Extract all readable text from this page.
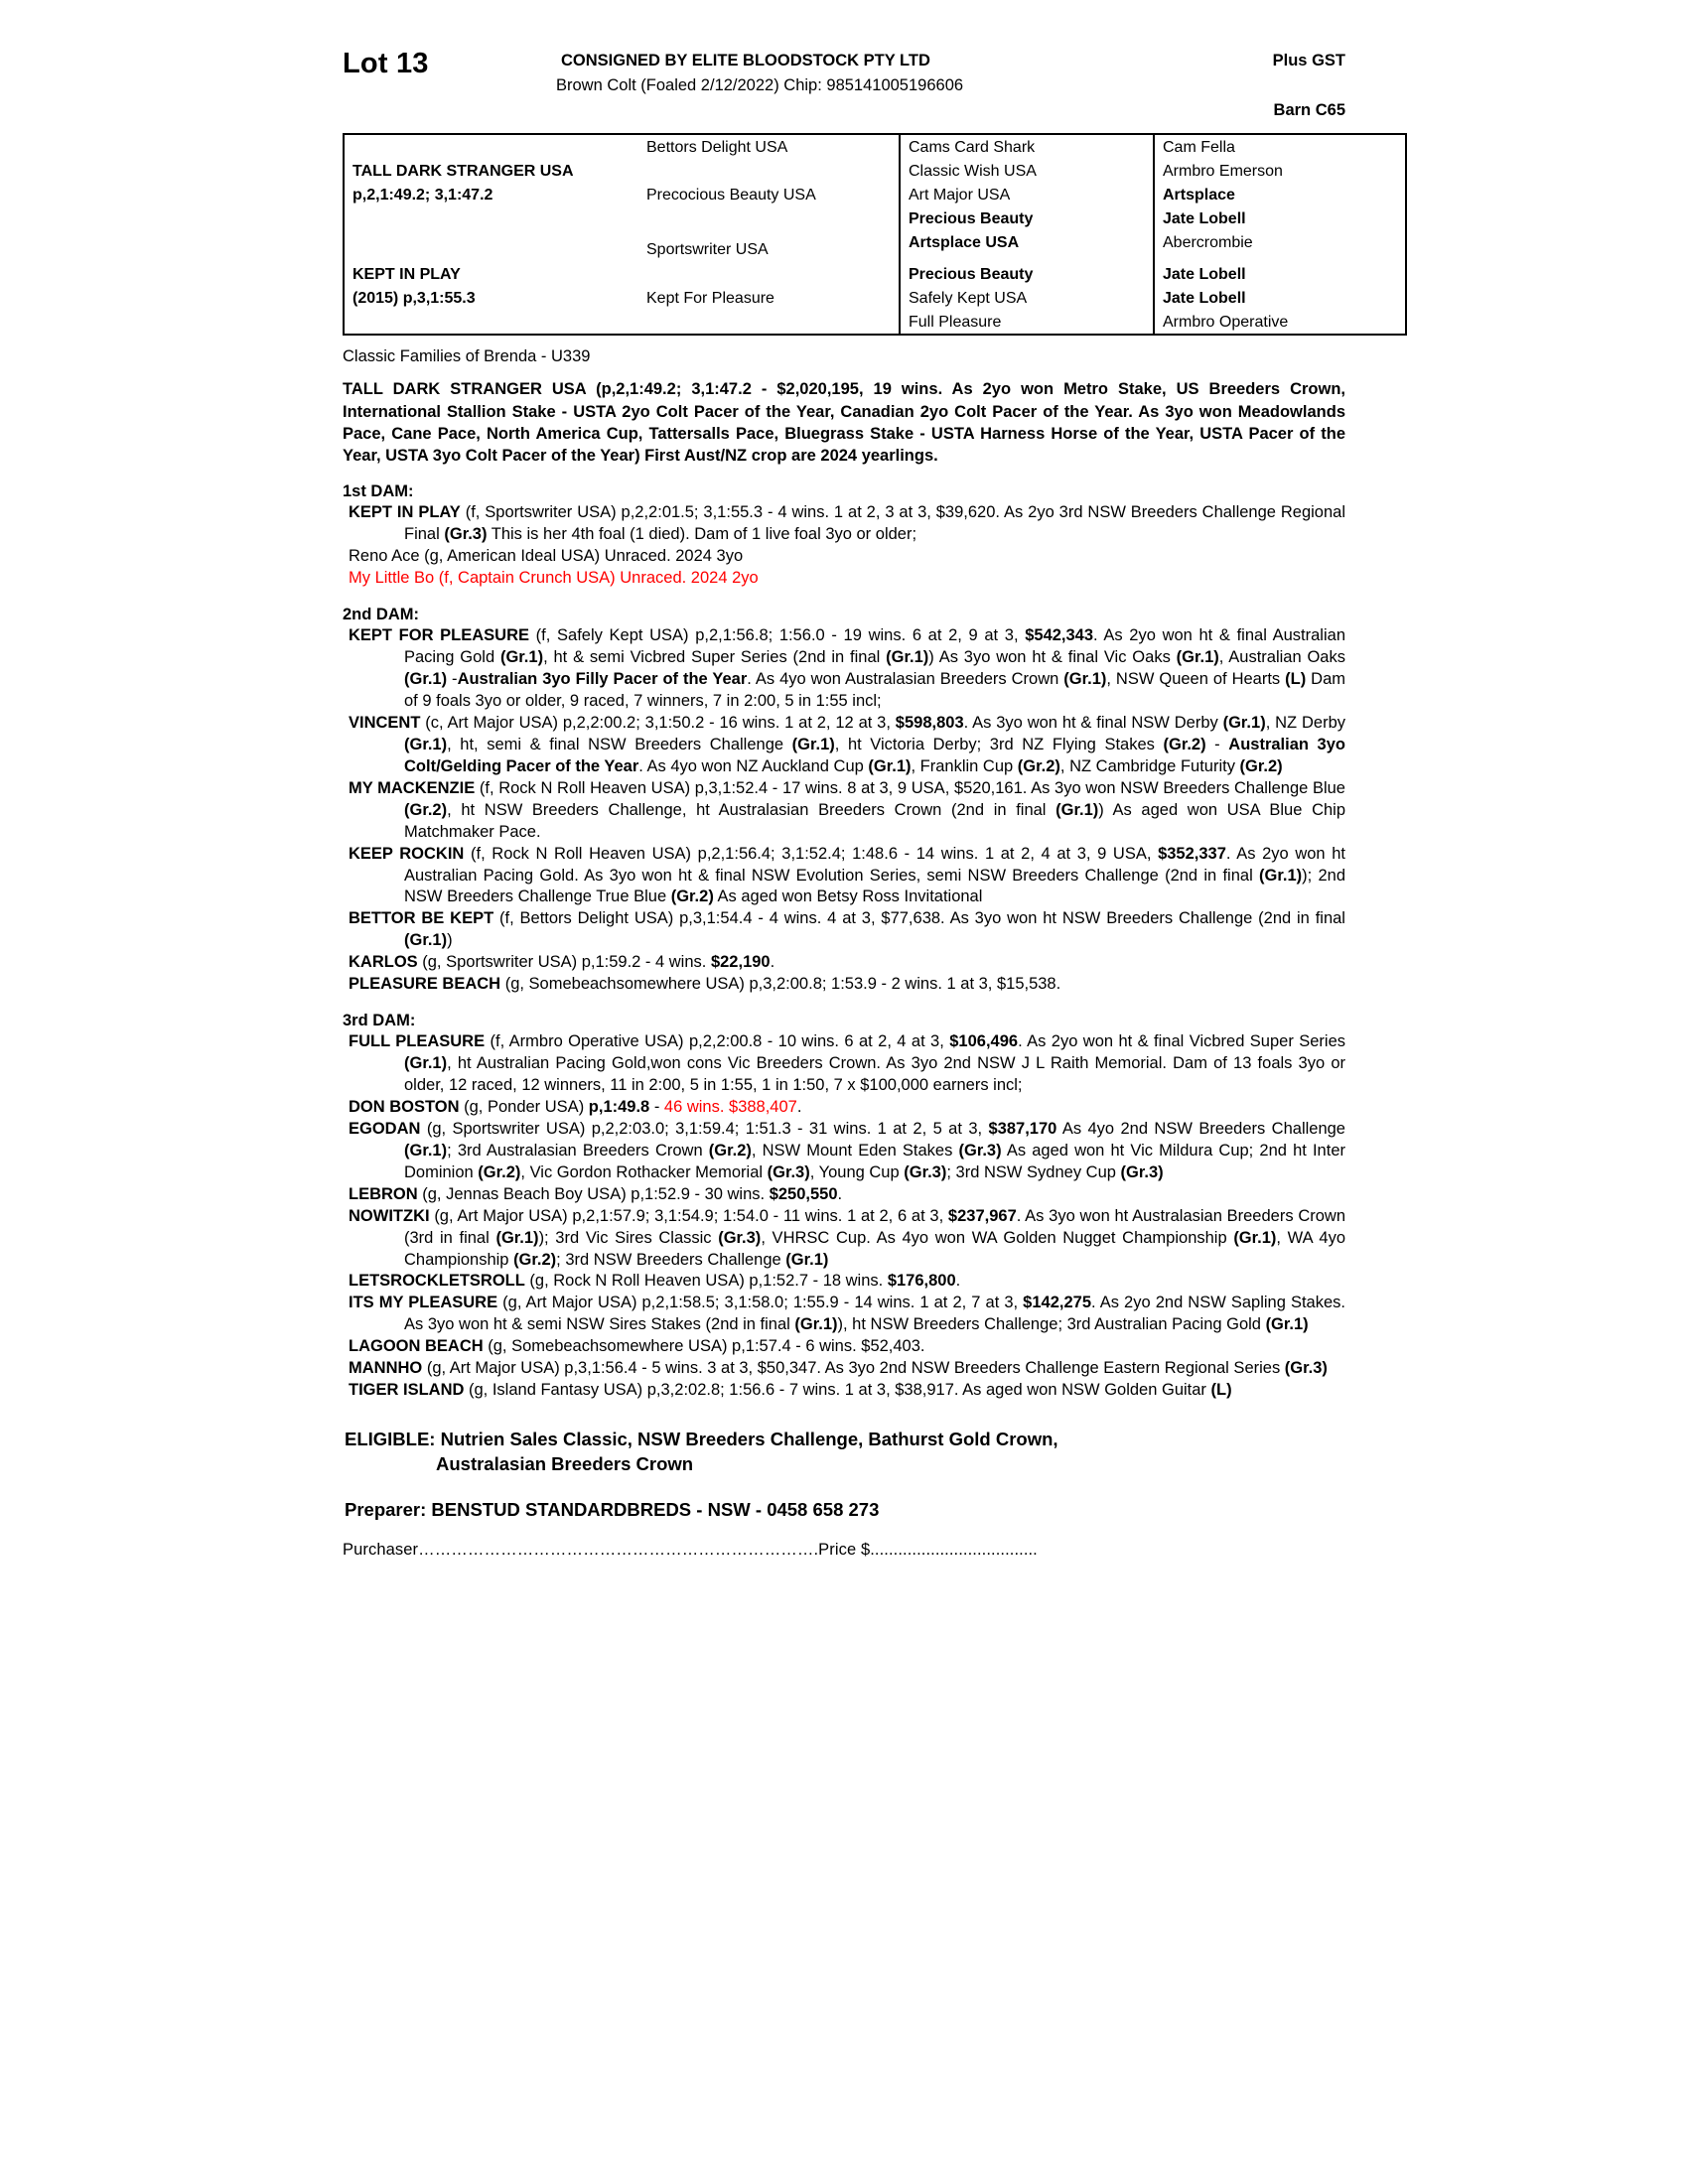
Lot 13	CONSIGNED BY ELITE BLOODSTOCK PTY LTD	Plus GST
Brown Colt (Foaled 2/12/2022) Chip: 985141005196606
Barn C65
	Bettors Delight USA	Cams Card Shark	Cam Fella
TALL DARK STRANGER USA		Classic Wish USA	Armbro Emerson
p,2,1:49.2; 3,1:47.2	Precocious Beauty USA	Art Major USA	Artsplace
		Precious Beauty	Jate Lobell
	Sportswriter USA	Artsplace USA	Abercrombie
KEPT IN PLAY		Precious Beauty	Jate Lobell
(2015) p,3,1:55.3	Kept For Pleasure	Safely Kept USA	Jate Lobell
		Full Pleasure	Armbro Operative
Classic Families of Brenda - U339
TALL DARK STRANGER USA (p,2,1:49.2; 3,1:47.2 - $2,020,195, 19 wins. As 2yo won Metro Stake, US Breeders Crown, International Stallion Stake - USTA 2yo Colt Pacer of the Year, Canadian 2yo Colt Pacer of the Year. As 3yo won Meadowlands Pace, Cane Pace, North America Cup, Tattersalls Pace, Bluegrass Stake - USTA Harness Horse of the Year, USTA Pacer of the Year, USTA 3yo Colt Pacer of the Year) First Aust/NZ crop are 2024 yearlings.
1st DAM:
KEPT IN PLAY (f, Sportswriter USA) p,2,2:01.5; 3,1:55.3 - 4 wins. 1 at 2, 3 at 3, $39,620. As 2yo 3rd NSW Breeders Challenge Regional Final (Gr.3) This is her 4th foal (1 died). Dam of 1 live foal 3yo or older;
Reno Ace (g, American Ideal USA) Unraced. 2024 3yo
My Little Bo (f, Captain Crunch USA) Unraced. 2024 2yo
2nd DAM:
KEPT FOR PLEASURE (f, Safely Kept USA) p,2,1:56.8; 1:56.0 - 19 wins. 6 at 2, 9 at 3, $542,343. As 2yo won ht & final Australian Pacing Gold (Gr.1), ht & semi Vicbred Super Series (2nd in final (Gr.1)) As 3yo won ht & final Vic Oaks (Gr.1), Australian Oaks (Gr.1) -Australian 3yo Filly Pacer of the Year. As 4yo won Australasian Breeders Crown (Gr.1), NSW Queen of Hearts (L) Dam of 9 foals 3yo or older, 9 raced, 7 winners, 7 in 2:00, 5 in 1:55 incl;
VINCENT (c, Art Major USA) p,2,2:00.2; 3,1:50.2 - 16 wins. 1 at 2, 12 at 3, $598,803. As 3yo won ht & final NSW Derby (Gr.1), NZ Derby (Gr.1), ht, semi & final NSW Breeders Challenge (Gr.1), ht Victoria Derby; 3rd NZ Flying Stakes (Gr.2) - Australian 3yo Colt/Gelding Pacer of the Year. As 4yo won NZ Auckland Cup (Gr.1), Franklin Cup (Gr.2), NZ Cambridge Futurity (Gr.2)
MY MACKENZIE (f, Rock N Roll Heaven USA) p,3,1:52.4 - 17 wins. 8 at 3, 9 USA, $520,161. As 3yo won NSW Breeders Challenge Blue (Gr.2), ht NSW Breeders Challenge, ht Australasian Breeders Crown (2nd in final (Gr.1)) As aged won USA Blue Chip Matchmaker Pace.
KEEP ROCKIN (f, Rock N Roll Heaven USA) p,2,1:56.4; 3,1:52.4; 1:48.6 - 14 wins. 1 at 2, 4 at 3, 9 USA, $352,337. As 2yo won ht Australian Pacing Gold. As 3yo won ht & final NSW Evolution Series, semi NSW Breeders Challenge (2nd in final (Gr.1)); 2nd NSW Breeders Challenge True Blue (Gr.2) As aged won Betsy Ross Invitational
BETTOR BE KEPT (f, Bettors Delight USA) p,3,1:54.4 - 4 wins. 4 at 3, $77,638. As 3yo won ht NSW Breeders Challenge (2nd in final (Gr.1))
KARLOS (g, Sportswriter USA) p,1:59.2 - 4 wins. $22,190.
PLEASURE BEACH (g, Somebeachsomewhere USA) p,3,2:00.8; 1:53.9 - 2 wins. 1 at 3, $15,538.
3rd DAM:
FULL PLEASURE (f, Armbro Operative USA) p,2,2:00.8 - 10 wins. 6 at 2, 4 at 3, $106,496. As 2yo won ht & final Vicbred Super Series (Gr.1), ht Australian Pacing Gold,won cons Vic Breeders Crown. As 3yo 2nd NSW J L Raith Memorial. Dam of 13 foals 3yo or older, 12 raced, 12 winners, 11 in 2:00, 5 in 1:55, 1 in 1:50, 7 x $100,000 earners incl;
DON BOSTON (g, Ponder USA) p,1:49.8 - 46 wins. $388,407.
EGODAN (g, Sportswriter USA) p,2,2:03.0; 3,1:59.4; 1:51.3 - 31 wins. 1 at 2, 5 at 3, $387,170 As 4yo 2nd NSW Breeders Challenge (Gr.1); 3rd Australasian Breeders Crown (Gr.2), NSW Mount Eden Stakes (Gr.3) As aged won ht Vic Mildura Cup; 2nd ht Inter Dominion (Gr.2), Vic Gordon Rothacker Memorial (Gr.3), Young Cup (Gr.3); 3rd NSW Sydney Cup (Gr.3)
LEBRON (g, Jennas Beach Boy USA) p,1:52.9 - 30 wins. $250,550.
NOWITZKI (g, Art Major USA) p,2,1:57.9; 3,1:54.9; 1:54.0 - 11 wins. 1 at 2, 6 at 3, $237,967. As 3yo won ht Australasian Breeders Crown (3rd in final (Gr.1)); 3rd Vic Sires Classic (Gr.3), VHRSC Cup. As 4yo won WA Golden Nugget Championship (Gr.1), WA 4yo Championship (Gr.2); 3rd NSW Breeders Challenge (Gr.1)
LETSROCKLETSROLL (g, Rock N Roll Heaven USA) p,1:52.7 - 18 wins. $176,800.
ITS MY PLEASURE (g, Art Major USA) p,2,1:58.5; 3,1:58.0; 1:55.9 - 14 wins. 1 at 2, 7 at 3, $142,275. As 2yo 2nd NSW Sapling Stakes. As 3yo won ht & semi NSW Sires Stakes (2nd in final (Gr.1)), ht NSW Breeders Challenge; 3rd Australian Pacing Gold (Gr.1)
LAGOON BEACH (g, Somebeachsomewhere USA) p,1:57.4 - 6 wins. $52,403.
MANNHO (g, Art Major USA) p,3,1:56.4 - 5 wins. 3 at 3, $50,347. As 3yo 2nd NSW Breeders Challenge Eastern Regional Series (Gr.3)
TIGER ISLAND (g, Island Fantasy USA) p,3,2:02.8; 1:56.6 - 7 wins. 1 at 3, $38,917. As aged won NSW Golden Guitar (L)
ELIGIBLE: Nutrien Sales Classic, NSW Breeders Challenge, Bathurst Gold Crown,
Australasian Breeders Crown
Preparer: BENSTUD STANDARDBREDS - NSW - 0458 658 273
Purchaser……………………………………………………………….Price $....................................
